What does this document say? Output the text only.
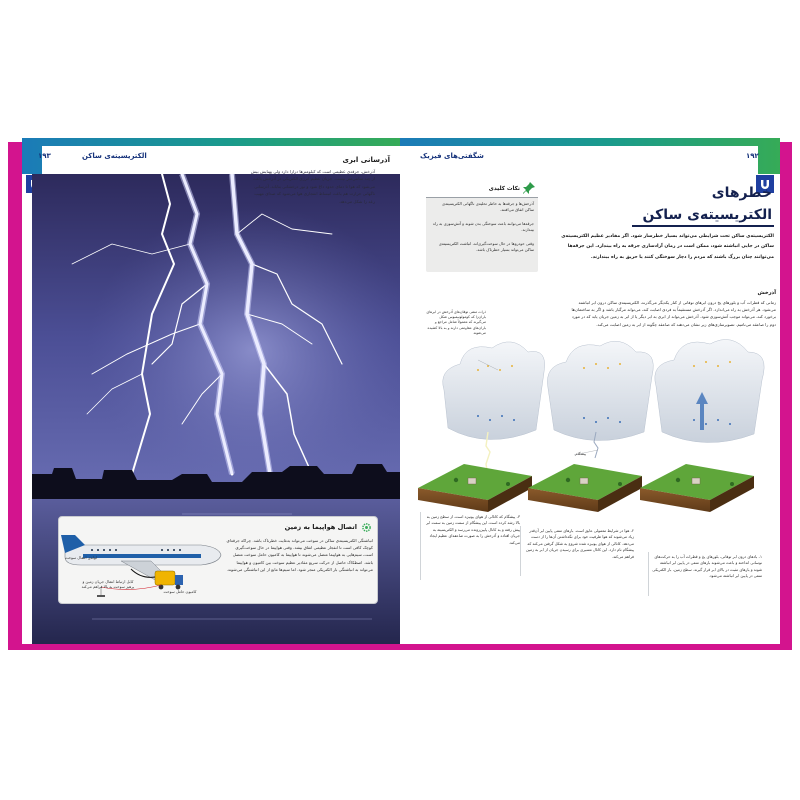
الکتریسیته‌ی ساکن
۱۹۳	آذرسانی ابری

آذرخش، جرقه‌ی عظیمی است که کیلومترها درازا دارد ولی پهنایش بیش از چند سانتی‌متر نیست. جریان عظیم انرژی الکتریکی در آذرخش باعث می‌شود که هوا تا دمای حدود داغ شود و نور درخشانی بتاباند. آذرسانی ناگهانی حرارت هم باعث انبساط انفجاری هوا می‌شود که صدای مهیب رعد را شکل می‌دهد.

اتصال هواپیما به زمین

انباشتگی الکتریسیته‌ی ساکن در سوخت می‌تواند به‌غایت خطرناک باشد. چراکه جرقه‌ای کوچک کافی است تا انفجار عظیمی اتفاق بیفتد. وقتی هواپیما در حال سوخت‌گیری است، سیم‌هایی به هواپیما متصل می‌شوند تا هواپیما به کامیون حامل سوخت متصل باشد. اصطکاک حاصل از حرکت سریع مقادیر عظیم سوخت بین کامیون و هواپیما می‌تواند به انباشتگی بار الکتریکی منجر شود. اما سیم‌ها مانع از این انباشتگی می‌شوند.

لوله‌ی انتقال سوخت
کابل ارتباط انتقال جریان زمین و پرهیز سوخت به بالا فراهم می‌کند
کامیون حامل سوخت
شگفتی‌های فیزیک	۱۹۲
خطرهای
الکتریسیته‌ی ساکن

الکتریسیته‌ی ساکن تحت شرایطی می‌تواند بسیار خطرساز شود. اگر مقادیر عظیم الکتریسیته‌ی ساکن در جایی انباشته شود، ممکن است در زمان آزادسازی جرقه به راه بیندازد. این جرقه‌ها می‌توانند چنان بزرگ باشند که مردم را دچار سوختگی کنند یا حریق به راه بیندازند.

نکات کلیدی

آذرخش‌ها و جرقه‌ها به خاطر تخلیه‌ی ناگهانی الکتریسیته‌ی ساکن اتفاق می‌افتند.

جرقه‌ها می‌توانند باعث سوختگی بدن شوند و آتش‌سوزی به راه بیندازند.

وقتی خودروها در حال سوخت‌گیری‌اند، انباشت الکتریسیته‌ی ساکن می‌تواند بسیار خطرناک باشد.

آذرخش

زمانی که قطرات آب و بلورهای یخ درون ابرهای توفانی از کنار یکدیگر می‌گذرند، الکتریسیته‌ی ساکن درون ابر انباشته می‌شود. هر آذرخش به راه می‌اندازد. اگر آذرخش مستقیماً به فردی اصابت کند، می‌تواند مرگبار باشد و اگر به ساختمان‌ها برخورد کند، می‌تواند موجب آتش‌سوزی شود. آذرخش می‌تواند از ابری به ابر دیگر یا از ابر به زمین جریان یابد که در مورد دوم را صاعقه می‌نامیم. تصویرسازی‌های زیر نشان می‌دهند که صاعقه چگونه از ابر به زمین اصابت می‌کند.

ذرات منفی توفان‌های آذرخش در ابرهای باران‌زا که کومولونیمبوس شکل می‌گیرند که معمولاً شامل مراجع و باران‌های مقاومتی دارند و به بالا کشیده می‌شوند
پیشگام

۳- پیشگام که کانالی از هوای یونیزه است، از سطح زمین به بالا رشد کرده است. این پیشگام از سمت زمین به سمت ابر پیش رفته و به کانال پایین‌رونده می‌رسد و الکتریسیته به جریان افتاده و آذرخش را به صورت صاعقه‌ای عظیم ایجاد می‌کند.

۲- هوا در شرایط معمولی عایق است. بارهای منفی پایین ابر آن‌قدر زیاد می‌شوند که هوا ظرفیت خود برای نگه‌داشتن آن‌ها را از دست می‌دهد. کانالی از هوای یونیزه شده شروع به شکل گرفتن می‌کند که پیشگام نام دارد. این کانال مسیری برای رسیدن جریان از ابر به زمین فراهم می‌کند.	۱- بادهای درون ابر توفانی، بلورهای یخ و قطرات آب را به حرکت‌های نوسانی انداخته و باعث می‌شوند بارهای منفی در پایین ابر انباشته شوند و بارهای مثبت در بالای ابر قرار گیرند. سطح زمین، بار الکتریکی منفی در پایین ابر انباشته می‌شود.
